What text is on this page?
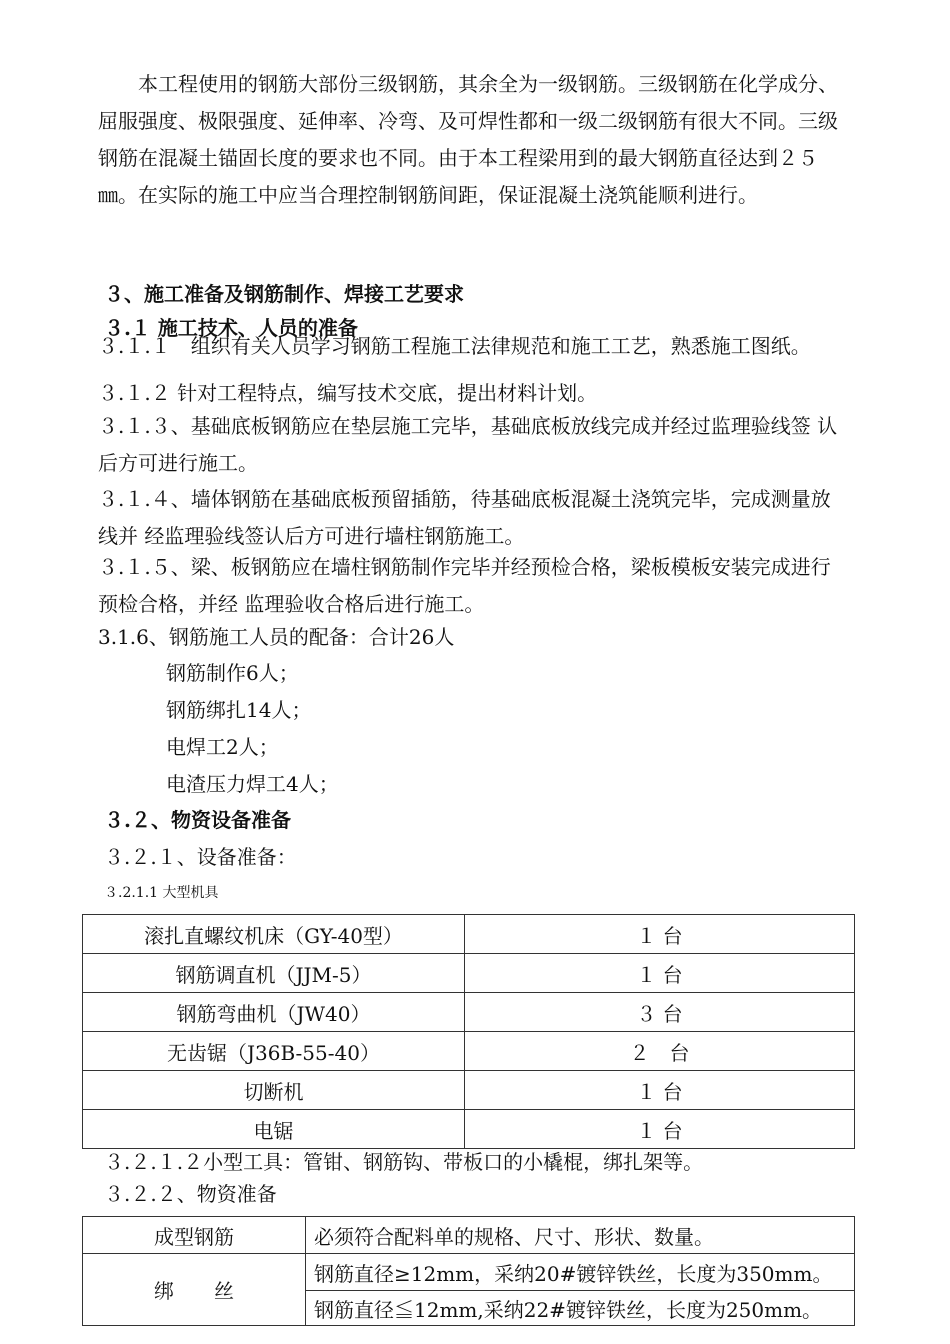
　　本工程使用的钢筋大部份三级钢筋，其余全为一级钢筋。三级钢筋在化学成分、屈服强度、极限强度、延伸率、冷弯、及可焊性都和一级二级钢筋有很大不同。三级钢筋在混凝土锚固长度的要求也不同。由于本工程梁用到的最大钢筋直径达到２５㎜。在实际的施工中应当合理控制钢筋间距，保证混凝土浇筑能顺利进行。
３、施工准备及钢筋制作、焊接工艺要求
３.１ 施工技术、人员的准备
３.１.１　组织有关人员学习钢筋工程施工法律规范和施工工艺，熟悉施工图纸。
３.１.２ 针对工程特点，编写技术交底，提出材料计划。
３.１.３、基础底板钢筋应在垫层施工完毕，基础底板放线完成并经过监理验线签 认后方可进行施工。
３.１.４、墙体钢筋在基础底板预留插筋，待基础底板混凝土浇筑完毕，完成测量放线并 经监理验线签认后方可进行墙柱钢筋施工。
３.１.５、梁、板钢筋应在墙柱钢筋制作完毕并经预检合格，梁板模板安装完成进行预检合格，并经 监理验收合格后进行施工。
3.1.6、钢筋施工人员的配备：合计26人
钢筋制作6人；
钢筋绑扎14人；
电焊工2人；
电渣压力焊工4人；
３.２、物资设备准备
３.２.１、设备准备：
３.2.1.1 大型机具
滚扎直螺纹机床（GY-40型）	１ 台
钢筋调直机（JJM-5）	１ 台
钢筋弯曲机（JW40）	３ 台
无齿锯（J36B-55-40）	２　台
切断机	１ 台
电锯	１ 台
３.２.１.２小型工具：管钳、钢筋钩、带板口的小橇棍，绑扎架等。
３.２.２、物资准备
成型钢筋	必须符合配料单的规格、尺寸、形状、数量。
绑　　丝	钢筋直径≥12mm，采纳20#镀锌铁丝，长度为350mm。
	钢筋直径≦12mm,采纳22#镀锌铁丝，长度为250mm。
